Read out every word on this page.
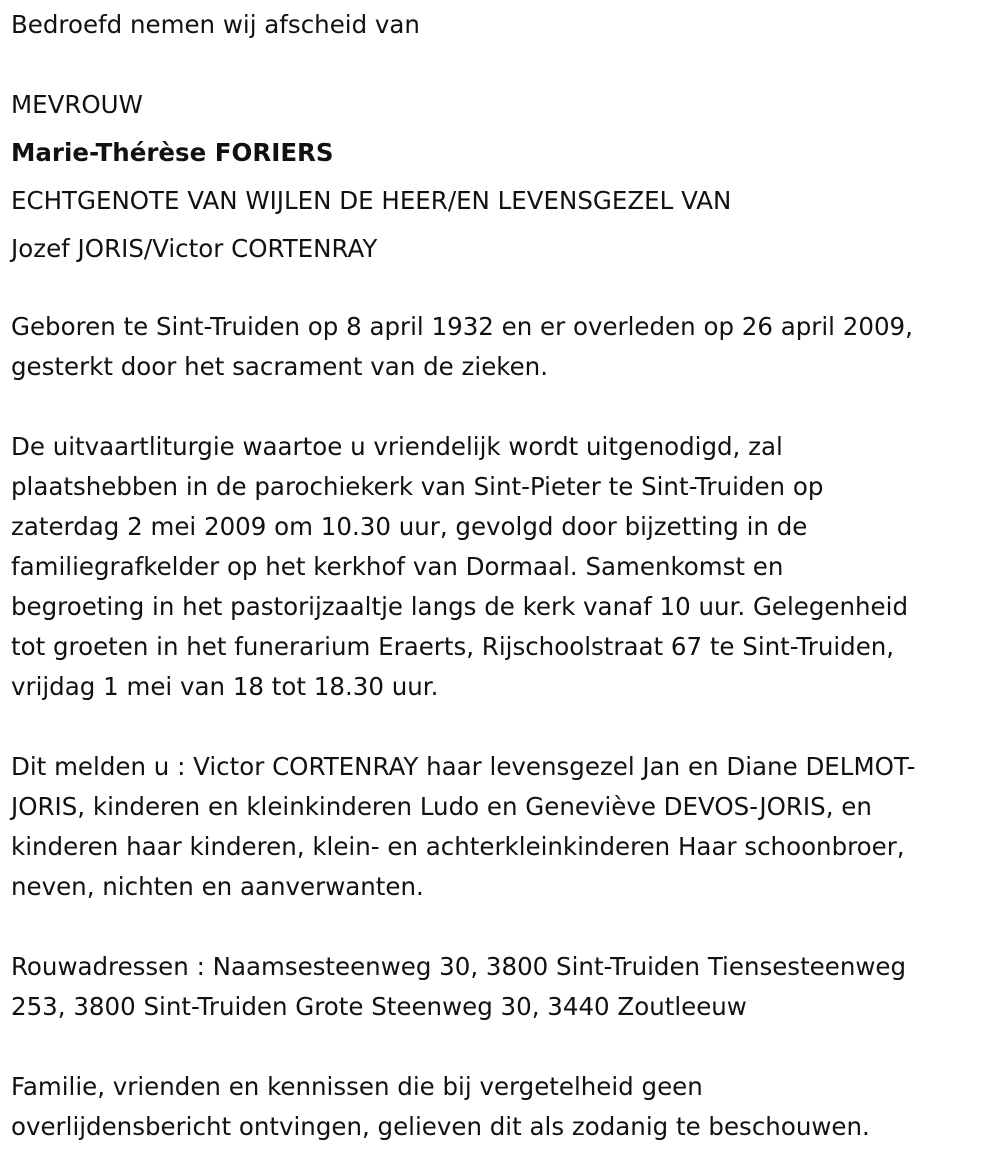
Bedroefd nemen wij afscheid van
MEVROUW
Marie-Thérèse FORIERS
ECHTGENOTE VAN WIJLEN DE HEER/EN LEVENSGEZEL VAN
Jozef JORIS/Victor CORTENRAY
Geboren te Sint-Truiden op 8 april 1932 en er overleden op 26 april 2009,
gesterkt door het sacrament van de zieken.
De uitvaartliturgie waartoe u vriendelijk wordt uitgenodigd, zal
plaatshebben in de parochiekerk van Sint-Pieter te Sint-Truiden op
zaterdag 2 mei 2009 om 10.30 uur, gevolgd door bijzetting in de
familiegrafkelder op het kerkhof van Dormaal. Samenkomst en
begroeting in het pastorijzaaltje langs de kerk vanaf 10 uur. Gelegenheid
tot groeten in het funerarium Eraerts, Rijschoolstraat 67 te Sint-Truiden,
vrijdag 1 mei van 18 tot 18.30 uur.
Dit melden u : Victor CORTENRAY haar levensgezel Jan en Diane DELMOT-
JORIS, kinderen en kleinkinderen Ludo en Geneviève DEVOS-JORIS, en
kinderen haar kinderen, klein- en achterkleinkinderen Haar schoonbroer,
neven, nichten en aanverwanten.
Rouwadressen : Naamsesteenweg 30, 3800 Sint-Truiden Tiensesteenweg
253, 3800 Sint-Truiden Grote Steenweg 30, 3440 Zoutleeuw
Familie, vrienden en kennissen die bij vergetelheid geen
overlijdensbericht ontvingen, gelieven dit als zodanig te beschouwen.
